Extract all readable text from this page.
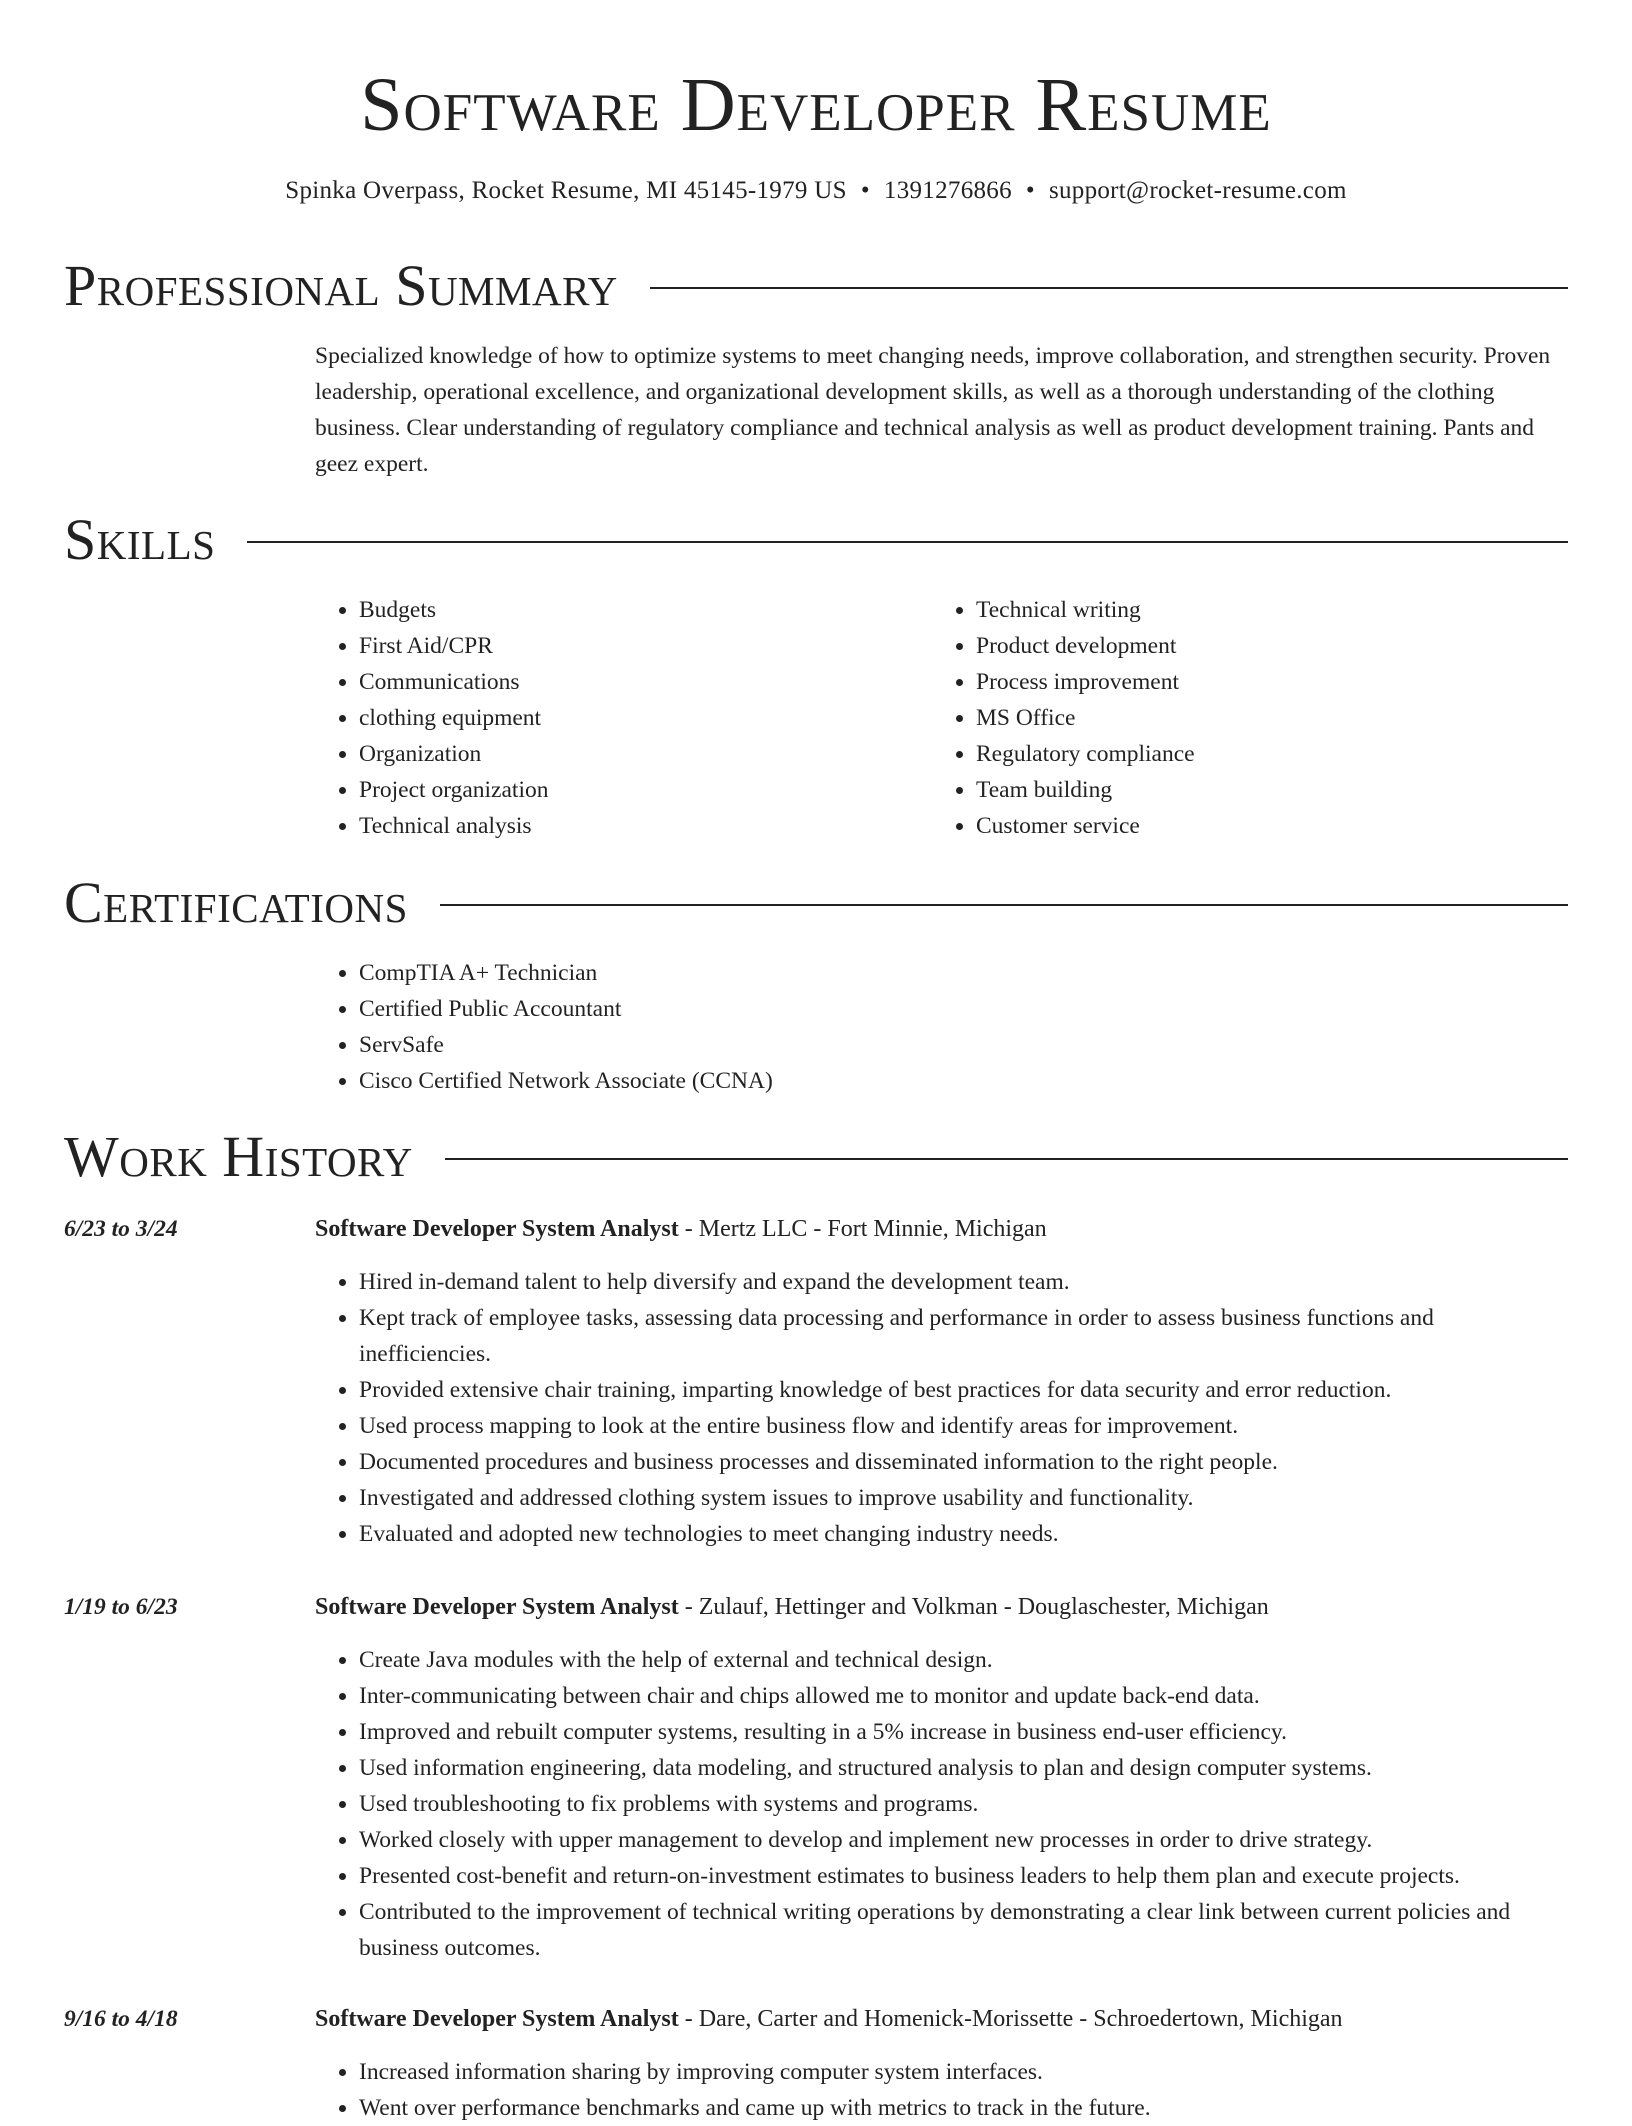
Software Developer Resume
Spinka Overpass, Rocket Resume, MI 45145-1979 US • 1391276866 • support@rocket-resume.com
Professional Summary

Specialized knowledge of how to optimize systems to meet changing needs, improve collaboration, and strengthen security. Proven leadership, operational excellence, and organizational development skills, as well as a thorough understanding of the clothing business. Clear understanding of regulatory compliance and technical analysis as well as product development training. Pants and geez expert.

Skills
• Budgets
• First Aid/CPR
• Communications
• clothing equipment
• Organization
• Project organization
• Technical analysis
• Technical writing
• Product development
• Process improvement
• MS Office
• Regulatory compliance
• Team building
• Customer service
Certifications
• CompTIA A+ Technician
• Certified Public Accountant
• ServSafe
• Cisco Certified Network Associate (CCNA)
Work History
6/23 to 3/24	Software Developer System Analyst - Mertz LLC - Fort Minnie, Michigan
• Hired in-demand talent to help diversify and expand the development team.
• Kept track of employee tasks, assessing data processing and performance in order to assess business functions and inefficiencies.
• Provided extensive chair training, imparting knowledge of best practices for data security and error reduction.
• Used process mapping to look at the entire business flow and identify areas for improvement.
• Documented procedures and business processes and disseminated information to the right people.
• Investigated and addressed clothing system issues to improve usability and functionality.
• Evaluated and adopted new technologies to meet changing industry needs.
1/19 to 6/23	Software Developer System Analyst - Zulauf, Hettinger and Volkman - Douglaschester, Michigan
• Create Java modules with the help of external and technical design.
• Inter-communicating between chair and chips allowed me to monitor and update back-end data.
• Improved and rebuilt computer systems, resulting in a 5% increase in business end-user efficiency.
• Used information engineering, data modeling, and structured analysis to plan and design computer systems.
• Used troubleshooting to fix problems with systems and programs.
• Worked closely with upper management to develop and implement new processes in order to drive strategy.
• Presented cost-benefit and return-on-investment estimates to business leaders to help them plan and execute projects.
• Contributed to the improvement of technical writing operations by demonstrating a clear link between current policies and business outcomes.
9/16 to 4/18	Software Developer System Analyst - Dare, Carter and Homenick-Morissette - Schroedertown, Michigan
• Increased information sharing by improving computer system interfaces.
• Went over performance benchmarks and came up with metrics to track in the future.
